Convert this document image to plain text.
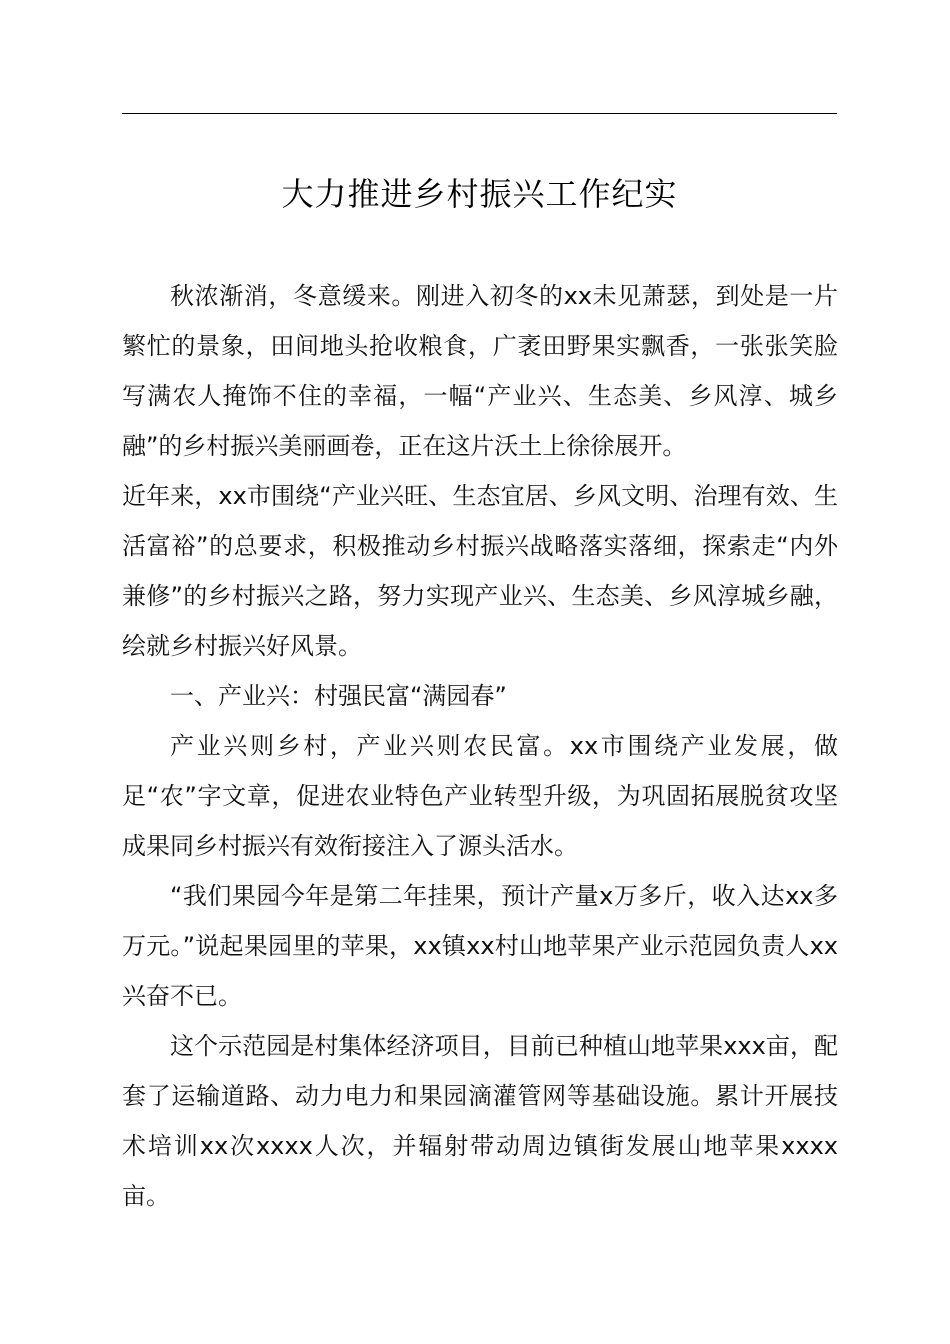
大力推进乡村振兴工作纪实

秋浓渐消，冬意缓来。刚进入初冬的xx未见萧瑟，到处是一片繁忙的景象，田间地头抢收粮食，广袤田野果实飘香，一张张笑脸写满农人掩饰不住的幸福，一幅“产业兴、生态美、乡风淳、城乡融”的乡村振兴美丽画卷，正在这片沃土上徐徐展开。

近年来，xx市围绕“产业兴旺、生态宜居、乡风文明、治理有效、生活富裕”的总要求，积极推动乡村振兴战略落实落细，探索走“内外兼修”的乡村振兴之路，努力实现产业兴、生态美、乡风淳城乡融，绘就乡村振兴好风景。

一、产业兴：村强民富“满园春”

产业兴则乡村，产业兴则农民富。xx市围绕产业发展，做足“农”字文章，促进农业特色产业转型升级，为巩固拓展脱贫攻坚成果同乡村振兴有效衔接注入了源头活水。

“我们果园今年是第二年挂果，预计产量x万多斤，收入达xx多万元。”说起果园里的苹果，xx镇xx村山地苹果产业示范园负责人xx兴奋不已。

这个示范园是村集体经济项目，目前已种植山地苹果xxx亩，配套了运输道路、动力电力和果园滴灌管网等基础设施。累计开展技术培训xx次xxxx人次，并辐射带动周边镇街发展山地苹果xxxx亩。
